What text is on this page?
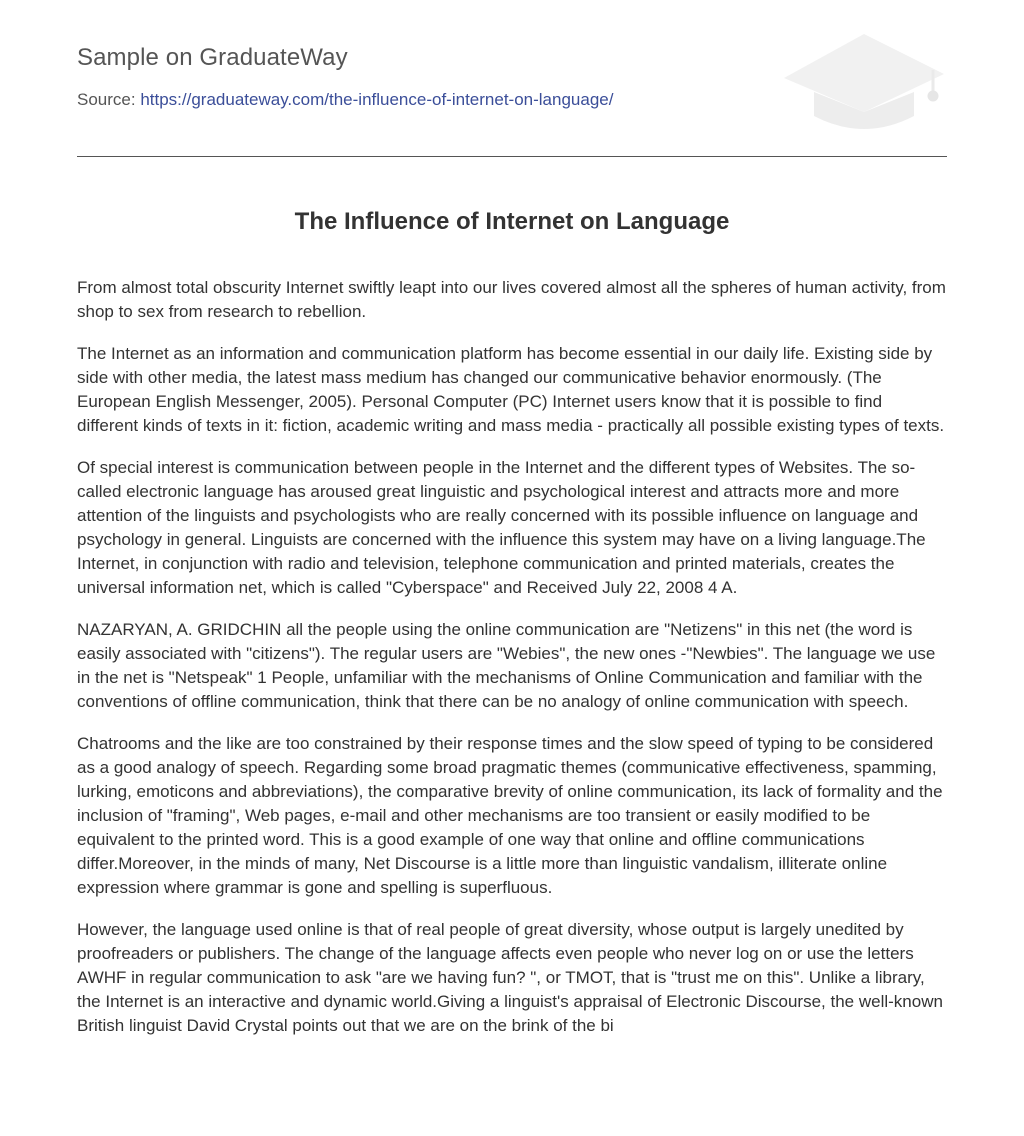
Sample on GraduateWay
Source: https://graduateway.com/the-influence-of-internet-on-language/
The Influence of Internet on Language

From almost total obscurity Internet swiftly leapt into our lives covered almost all the spheres of human activity, from shop to sex from research to rebellion.

The Internet as an information and communication platform has become essential in our daily life. Existing side by side with other media, the latest mass medium has changed our communicative behavior enormously. (The European English Messenger, 2005). Personal Computer (PC) Internet users know that it is possible to find different kinds of texts in it: fiction, academic writing and mass media - practically all possible existing types of texts.

Of special interest is communication between people in the Internet and the different types of Websites. The so-called electronic language has aroused great linguistic and psychological interest and attracts more and more attention of the linguists and psychologists who are really concerned with its possible influence on language and psychology in general. Linguists are concerned with the influence this system may have on a living language.The Internet, in conjunction with radio and television, telephone communication and printed materials, creates the universal information net, which is called "Cyberspace" and Received July 22, 2008 4 A.

NAZARYAN, A. GRIDCHIN all the people using the online communication are "Netizens" in this net (the word is easily associated with "citizens"). The regular users are "Webies", the new ones -"Newbies". The language we use in the net is "Netspeak" 1 People, unfamiliar with the mechanisms of Online Communication and familiar with the conventions of offline communication, think that there can be no analogy of online communication with speech.

Chatrooms and the like are too constrained by their response times and the slow speed of typing to be considered as a good analogy of speech. Regarding some broad pragmatic themes (communicative effectiveness, spamming, lurking, emoticons and abbreviations), the comparative brevity of online communication, its lack of formality and the inclusion of "framing", Web pages, e-mail and other mechanisms are too transient or easily modified to be equivalent to the printed word. This is a good example of one way that online and offline communications differ.Moreover, in the minds of many, Net Discourse is a little more than linguistic vandalism, illiterate online expression where grammar is gone and spelling is superfluous.

However, the language used online is that of real people of great diversity, whose output is largely unedited by proofreaders or publishers. The change of the language affects even people who never log on or use the letters AWHF in regular communication to ask "are we having fun? ", or TMOT, that is "trust me on this". Unlike a library, the Internet is an interactive and dynamic world.Giving a linguist's appraisal of Electronic Discourse, the well-known British linguist David Crystal points out that we are on the brink of the bi
